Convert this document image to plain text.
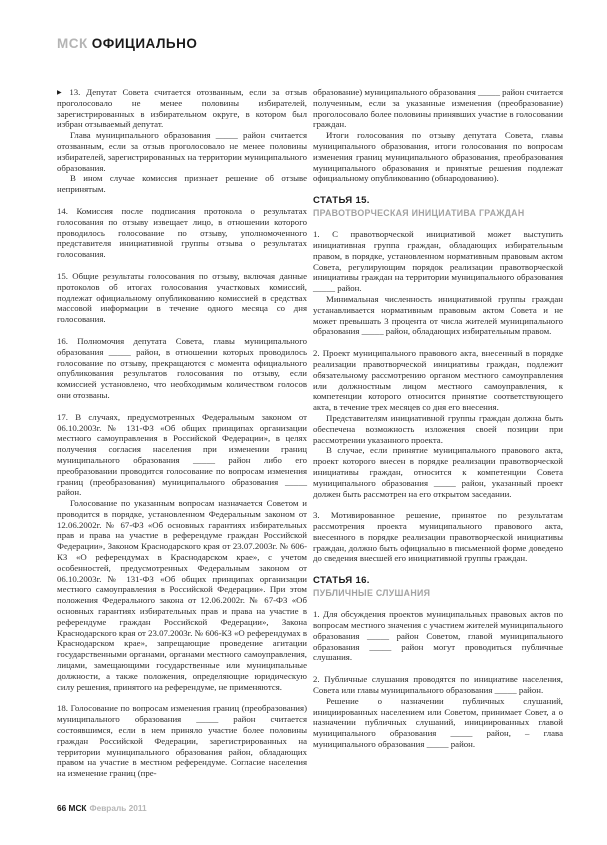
МСК ОФИЦИАЛЬНО

▶ 13. Депутат Совета считается отозванным, если за отзыв проголосовало не менее половины избирателей, зарегистрированных в избирательном округе, в котором был избран отзываемый депутат.

Глава муниципального образования _____ район считается отозванным, если за отзыв проголосовало не менее половины избирателей, зарегистрированных на территории муниципального образования.

В ином случае комиссия признает решение об отзыве непринятым.

14. Комиссия после подписания протокола о результатах голосования по отзыву извещает лицо, в отношении которого проводилось голосование по отзыву, уполномоченного представителя инициативной группы отзыва о результатах голосования.

15. Общие результаты голосования по отзыву, включая данные протоколов об итогах голосования участковых комиссий, подлежат официальному опубликованию комиссией в средствах массовой информации в течение одного месяца со дня голосования.

16. Полномочия депутата Совета, главы муниципального образования _____ район, в отношении которых проводилось голосование по отзыву, прекращаются с момента официального опубликования результатов голосования по отзыву, если комиссией установлено, что необходимым количеством голосов они отозваны.

17. В случаях, предусмотренных Федеральным законом от 06.10.2003г. № 131-ФЗ «Об общих принципах организации местного самоуправления в Российской Федерации», в целях получения согласия населения при изменении границ муниципального образования _____ район либо его преобразовании проводится голосование по вопросам изменения границ (преобразования) муниципального образования _____ район.

Голосование по указанным вопросам назначается Советом и проводится в порядке, установленном Федеральным законом от 12.06.2002г. № 67-ФЗ «Об основных гарантиях избирательных прав и права на участие в референдуме граждан Российской Федерации», Законом Краснодарского края от 23.07.2003г. № 606-КЗ «О референдумах в Краснодарском крае», с учетом особенностей, предусмотренных Федеральным законом от 06.10.2003г. № 131-ФЗ «Об общих принципах организации местного самоуправления в Российской Федерации». При этом положения Федерального закона от 12.06.2002г. № 67-ФЗ «Об основных гарантиях избирательных прав и права на участие в референдуме граждан Российской Федерации», Закона Краснодарского края от 23.07.2003г. № 606-КЗ «О референдумах в Краснодарском крае», запрещающие проведение агитации государственными органами, органами местного самоуправления, лицами, замещающими государственные или муниципальные должности, а также положения, определяющие юридическую силу решения, принятого на референдуме, не применяются.

18. Голосование по вопросам изменения границ (преобразования) муниципального образования _____ район считается состоявшимся, если в нем приняло участие более половины граждан Российской Федерации, зарегистрированных на территории муниципального образования район, обладающих правом на участие в местном референдуме. Согласие населения на изменение границ (пре-

образование) муниципального образования _____ район считается полученным, если за указанные изменения (преобразование) проголосовало более половины принявших участие в голосовании граждан.

Итоги голосования по отзыву депутата Совета, главы муниципального образования, итоги голосования по вопросам изменения границ муниципального образования, преобразования муниципального образования и принятые решения подлежат официальному опубликованию (обнародованию).

СТАТЬЯ 15.
ПРАВОТВОРЧЕСКАЯ ИНИЦИАТИВА ГРАЖДАН

1. С правотворческой инициативой может выступить инициативная группа граждан, обладающих избирательным правом, в порядке, установленном нормативным правовым актом Совета, регулирующим порядок реализации правотворческой инициативы граждан на территории муниципального образования _____ район.

Минимальная численность инициативной группы граждан устанавливается нормативным правовым актом Совета и не может превышать 3 процента от числа жителей муниципального образования _____ район, обладающих избирательным правом.

2. Проект муниципального правового акта, внесенный в порядке реализации правотворческой инициативы граждан, подлежит обязательному рассмотрению органом местного самоуправления или должностным лицом местного самоуправления, к компетенции которого относится принятие соответствующего акта, в течение трех месяцев со дня его внесения.

Представителям инициативной группы граждан должна быть обеспечена возможность изложения своей позиции при рассмотрении указанного проекта.

В случае, если принятие муниципального правового акта, проект которого внесен в порядке реализации правотворческой инициативы граждан, относится к компетенции Совета муниципального образования _____ район, указанный проект должен быть рассмотрен на его открытом заседании.

3. Мотивированное решение, принятое по результатам рассмотрения проекта муниципального правового акта, внесенного в порядке реализации правотворческой инициативы граждан, должно быть официально в письменной форме доведено до сведения внесшей его инициативной группы граждан.

СТАТЬЯ 16.
ПУБЛИЧНЫЕ СЛУШАНИЯ

1. Для обсуждения проектов муниципальных правовых актов по вопросам местного значения с участием жителей муниципального образования _____ район Советом, главой муниципального образования _____ район могут проводиться публичные слушания.

2. Публичные слушания проводятся по инициативе населения, Совета или главы муниципального образования _____ район.

Решение о назначении публичных слушаний, инициированных населением или Советом, принимает Совет, а о назначении публичных слушаний, инициированных главой муниципального образования _____ район, – глава муниципального образования _____ район.

66 МСК Февраль 2011
